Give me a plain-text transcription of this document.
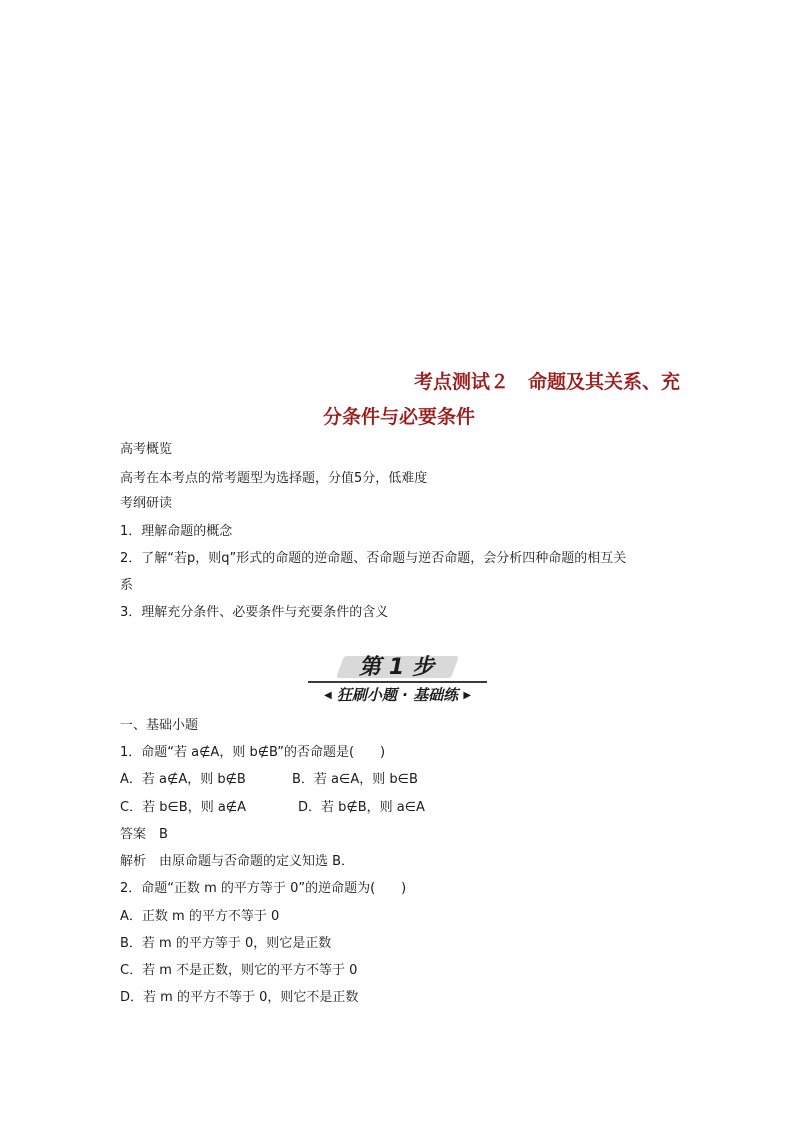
考点测试２　命题及其关系、充
分条件与必要条件
高考概览
高考在本考点的常考题型为选择题，分值5分，低难度
考纲研读
1．理解命题的概念
2．了解“若p，则q”形式的命题的逆命题、否命题与逆否命题，会分析四种命题的相互关
系
3．理解充分条件、必要条件与充要条件的含义
第 1 步
◀ 狂刷小题 · 基础练 ▶
一、基础小题
1．命题“若 a∉A，则 b∉B”的否命题是(　　)
A．若 a∉A，则 b∉B	B．若 a∈A，则 b∈B
C．若 b∈B，则 a∉A	D．若 b∉B，则 a∈A
答案　B
解析　由原命题与否命题的定义知选 B．
2．命题“正数 m 的平方等于 0”的逆命题为(　　)
A．正数 m 的平方不等于 0
B．若 m 的平方等于 0，则它是正数
C．若 m 不是正数，则它的平方不等于 0
D．若 m 的平方不等于 0，则它不是正数
